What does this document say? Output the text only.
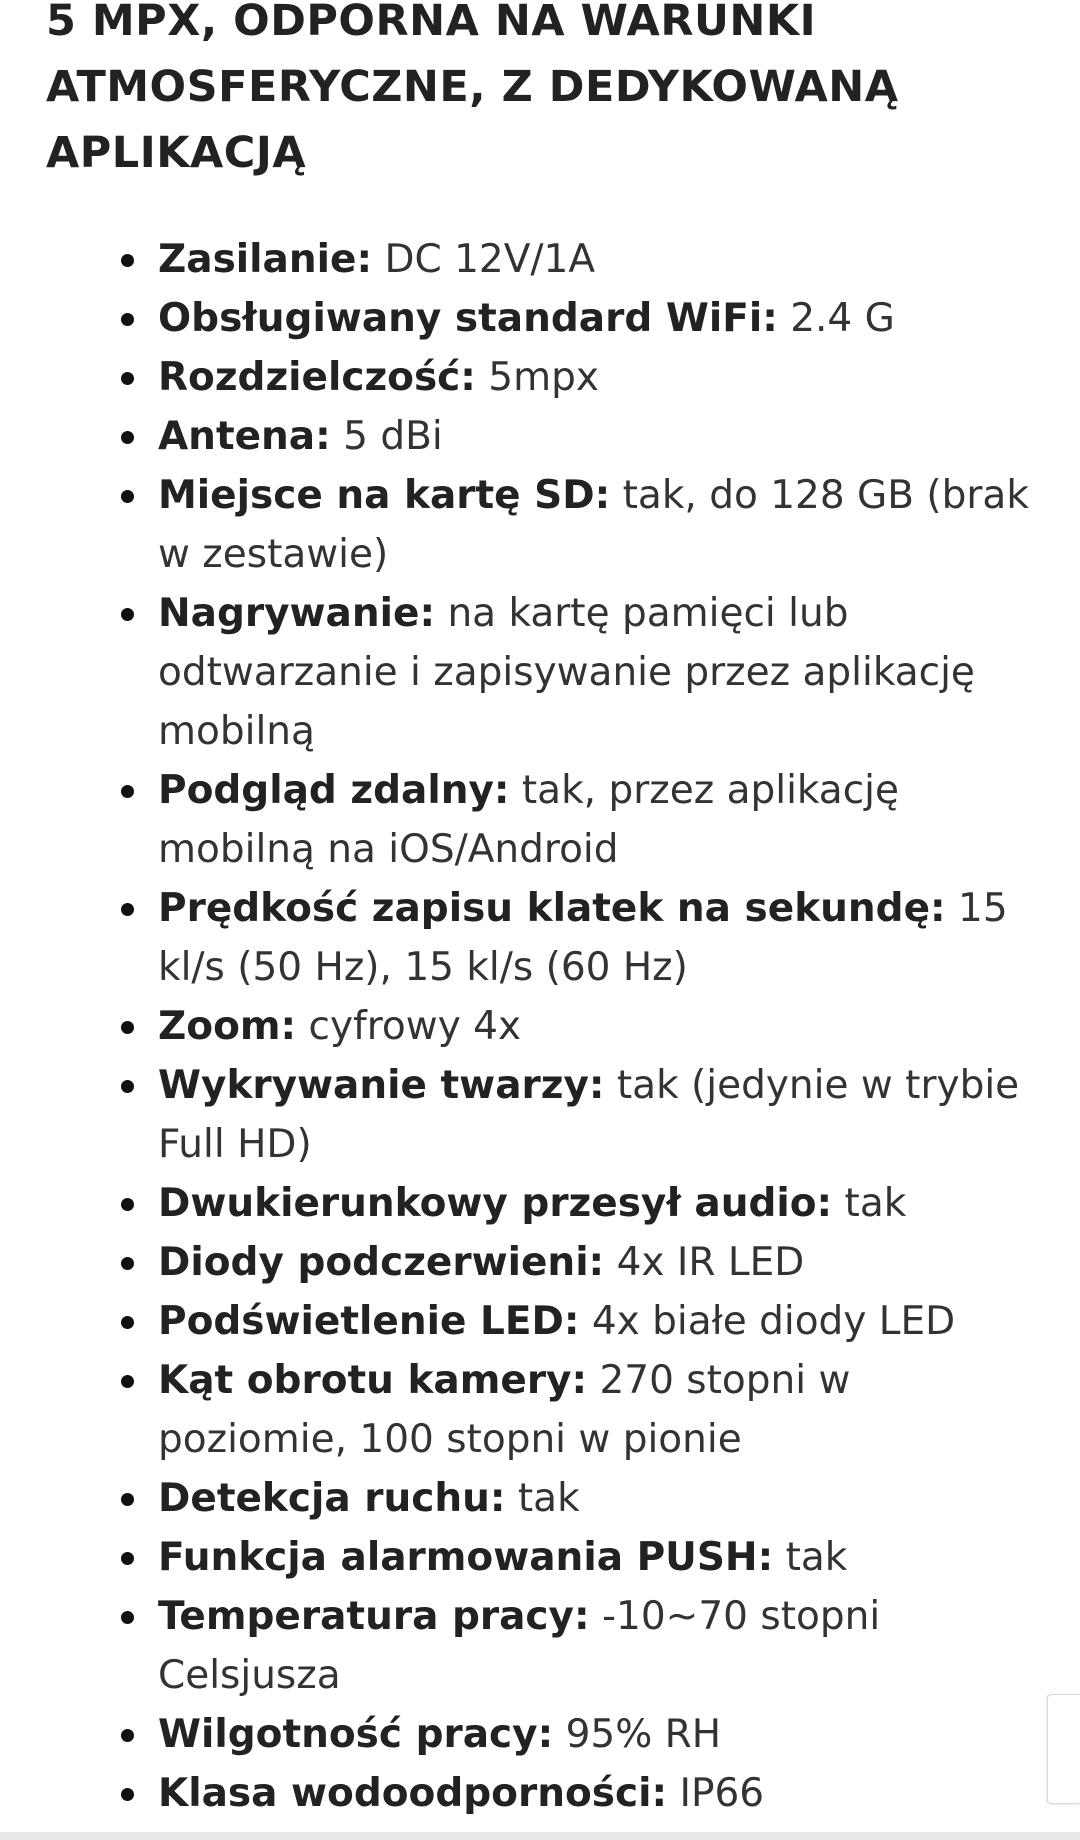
5 MPX, ODPORNA NA WARUNKI ATMOSFERYCZNE, Z DEDYKOWANĄ APLIKACJĄ
Zasilanie: DC 12V/1A
Obsługiwany standard WiFi: 2.4 G
Rozdzielczość: 5mpx
Antena: 5 dBi
Miejsce na kartę SD: tak, do 128 GB (brak w zestawie)
Nagrywanie: na kartę pamięci lub odtwarzanie i zapisywanie przez aplikację mobilną
Podgląd zdalny: tak, przez aplikację mobilną na iOS/Android
Prędkość zapisu klatek na sekundę: 15 kl/s (50 Hz), 15 kl/s (60 Hz)
Zoom: cyfrowy 4x
Wykrywanie twarzy: tak (jedynie w trybie Full HD)
Dwukierunkowy przesył audio: tak
Diody podczerwieni: 4x IR LED
Podświetlenie LED: 4x białe diody LED
Kąt obrotu kamery: 270 stopni w poziomie, 100 stopni w pionie
Detekcja ruchu: tak
Funkcja alarmowania PUSH: tak
Temperatura pracy: -10~70 stopni Celsjusza
Wilgotność pracy: 95% RH
Klasa wodoodporności: IP66
